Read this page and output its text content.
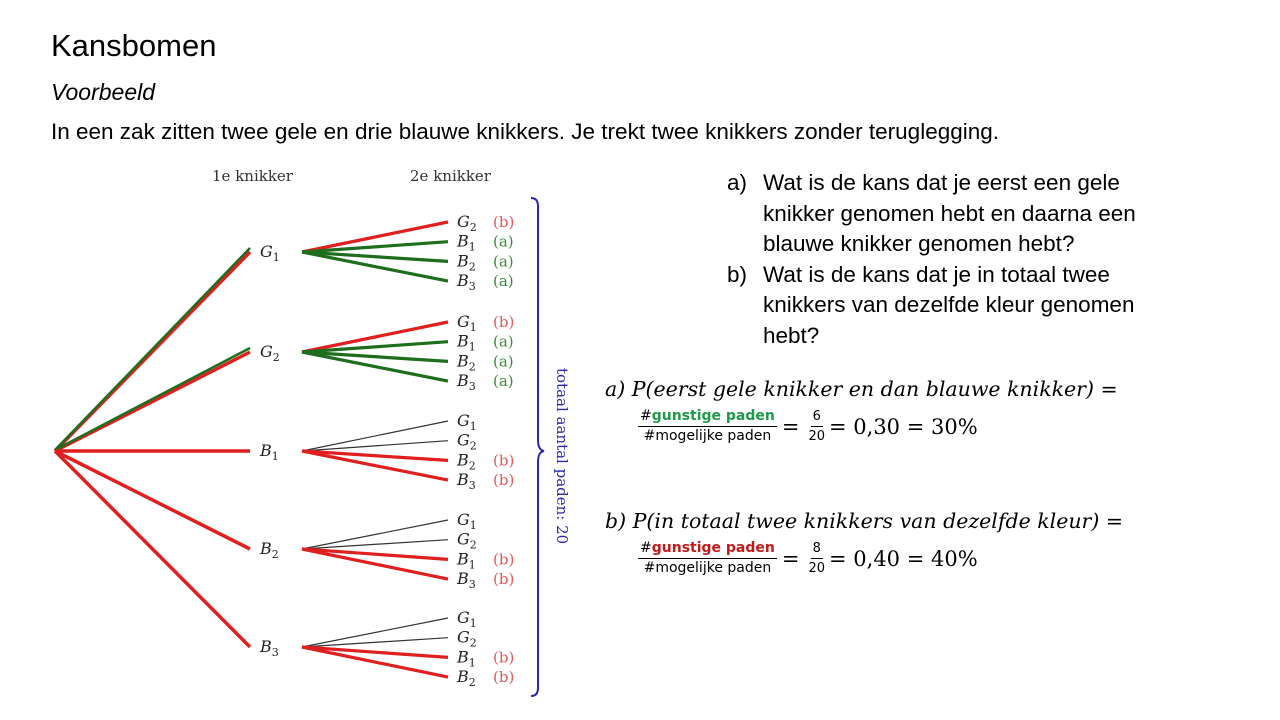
Kansbomen
Voorbeeld
In een zak zitten twee gele en drie blauwe knikkers. Je trekt twee knikkers zonder teruglegging.
1e knikker	2e knikker
$G_1$
$G_2$ (b)
$B_1$ (a)
$B_2$ (a)
$B_3$ (a)
$G_2$
$G_1$ (b)
$B_1$ (a)
$B_2$ (a)
$B_3$ (a)
$B_1$
$G_1$
$G_2$
$B_2$ (b)
$B_3$ (b)
$B_2$
$G_1$
$G_2$
$B_1$ (b)
$B_3$ (b)
$B_3$
$G_1$
$G_2$
$B_1$ (b)
$B_2$ (b)
totaal aantal paden: 20
a) Wat is de kans dat je eerst een gele knikker genomen hebt en daarna een blauwe knikker genomen hebt?
b) Wat is de kans dat je in totaal twee knikkers van dezelfde kleur genomen hebt?
a) P(eerst gele knikker en dan blauwe knikker) =
$\frac{\text{\#gunstige paden}}{\text{\#mogelijke paden}} = \frac{6}{20} = 0,30 = 30\%$
b) P(in totaal twee knikkers van dezelfde kleur) =
$\frac{\text{\#gunstige paden}}{\text{\#mogelijke paden}} = \frac{8}{20} = 0,40 = 40\%$
